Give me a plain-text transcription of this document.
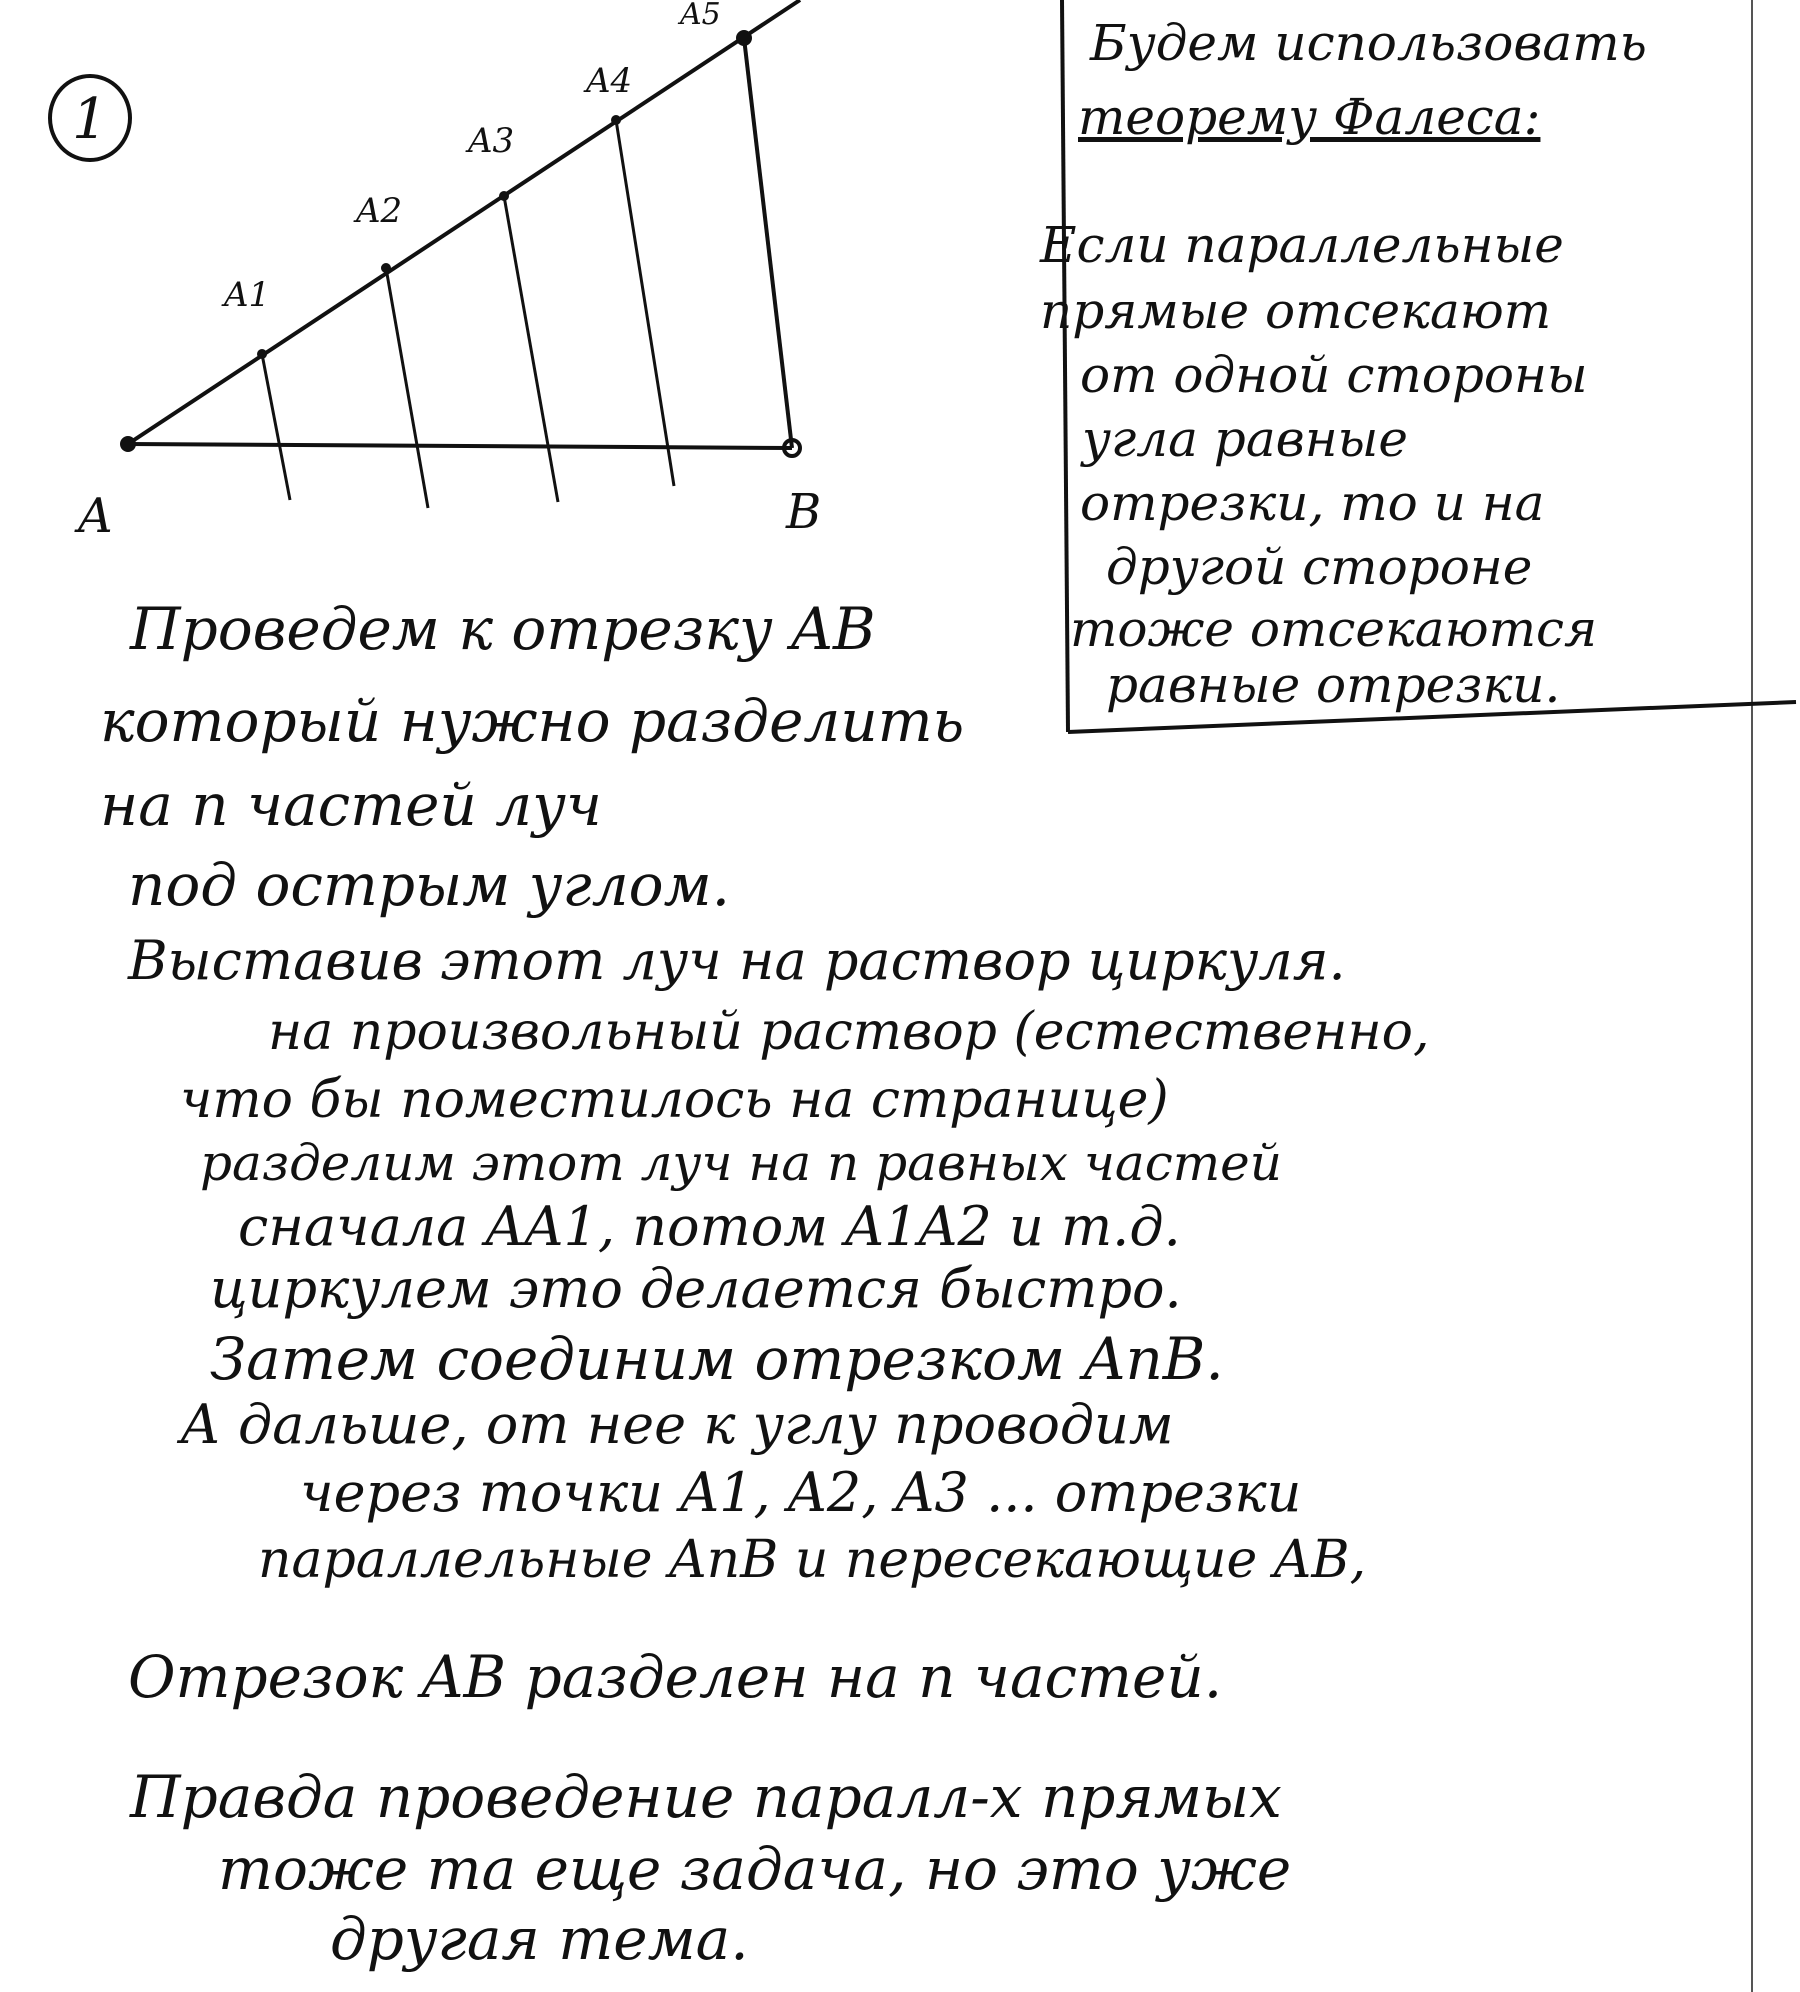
1
A	B
A1
A2
A3
A4
A5	Будем использовать
теорему Фалеса:
Если параллельные
прямые отсекают
от одной стороны
угла равные
отрезки, то и на
другой стороне
тоже отсекаются
равные отрезки.
Проведем к отрезку AB
который нужно разделить
на n частей луч
под острым углом.
Выставив этот луч на раствор циркуля.
на произвольный раствор (естественно,
что бы поместилось на странице)
разделим этот луч на n равных частей
сначала AA1, потом A1A2 и т.д.
циркулем это делается быстро.
Затем соединим отрезком AnB.
А дальше, от нее к углу проводим
через точки A1, A2, A3 ... отрезки
параллельные AnB и пересекающие AB,
Отрезок AB разделен на n частей.
Правда проведение паралл-х прямых
тоже та еще задача, но это уже
другая тема.
